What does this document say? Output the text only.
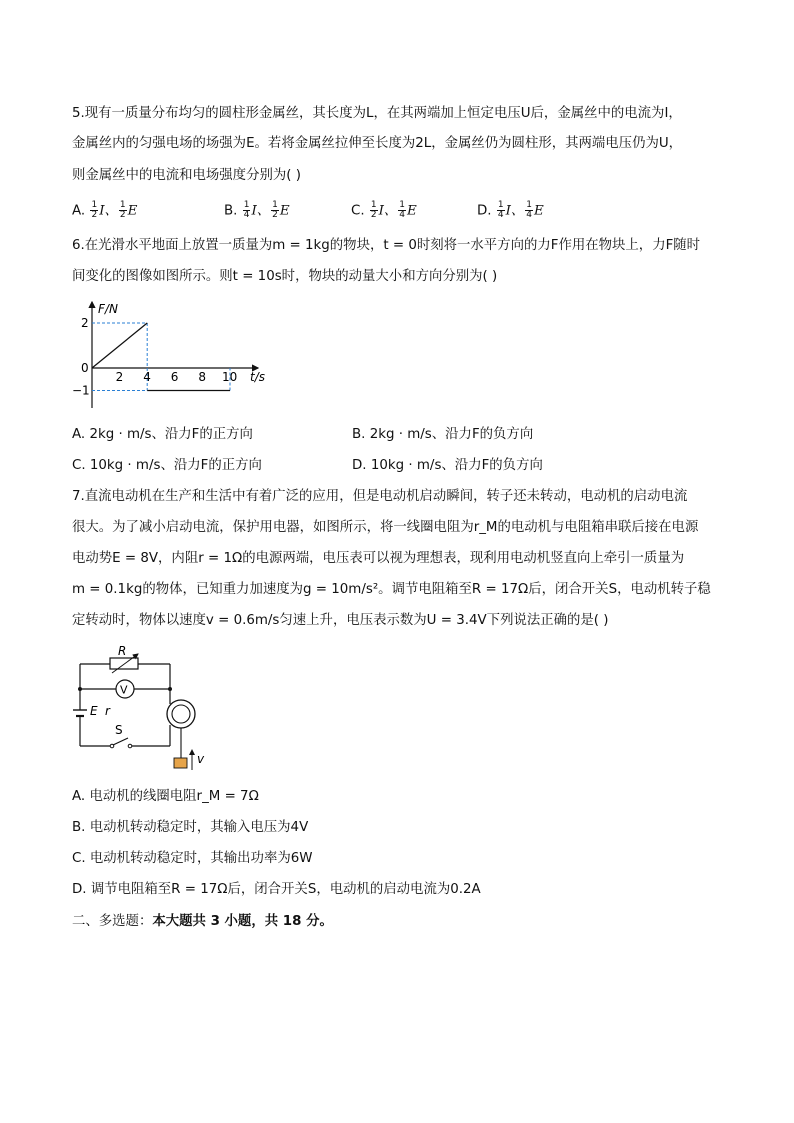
5.现有一质量分布均匀的圆柱形金属丝，其长度为L，在其两端加上恒定电压U后，金属丝中的电流为I，
金属丝内的匀强电场的场强为E。若将金属丝拉伸至长度为2L，金属丝仍为圆柱形，其两端电压仍为U，
则金属丝中的电流和电场强度分别为( )
A. $\frac{1}{2}$ I、 $\frac{1}{2}$ E	B. $\frac{1}{4}$ I、 $\frac{1}{2}$ E	C. $\frac{1}{2}$ I、 $\frac{1}{4}$ E	D. $\frac{1}{4}$ I、 $\frac{1}{4}$ E
6.在光滑水平地面上放置一质量为m = 1kg的物块，t = 0时刻将一水平方向的力F作用在物块上，力F随时
间变化的图像如图所示。则t = 10s时，物块的动量大小和方向分别为( )
F/N
t/s
2
0
−1
2 4 6 8 10
A. 2kg · m/s、沿力F的正方向	B. 2kg · m/s、沿力F的负方向
C. 10kg · m/s、沿力F的正方向	D. 10kg · m/s、沿力F的负方向
7.直流电动机在生产和生活中有着广泛的应用，但是电动机启动瞬间，转子还未转动，电动机的启动电流
很大。为了减小启动电流，保护用电器，如图所示，将一线圈电阻为r_M的电动机与电阻箱串联后接在电源
电动势E = 8V，内阻r = 1Ω的电源两端，电压表可以视为理想表，现利用电动机竖直向上牵引一质量为
m = 0.1kg的物体，已知重力加速度为g = 10m/s²。调节电阻箱至R = 17Ω后，闭合开关S，电动机转子稳
定转动时，物体以速度v = 0.6m/s匀速上升，电压表示数为U = 3.4V下列说法正确的是( )
R
V
E r
S
v
A. 电动机的线圈电阻r_M = 7Ω
B. 电动机转动稳定时，其输入电压为4V
C. 电动机转动稳定时，其输出功率为6W
D. 调节电阻箱至R = 17Ω后，闭合开关S，电动机的启动电流为0.2A
二、多选题：本大题共 3 小题，共 18 分。
